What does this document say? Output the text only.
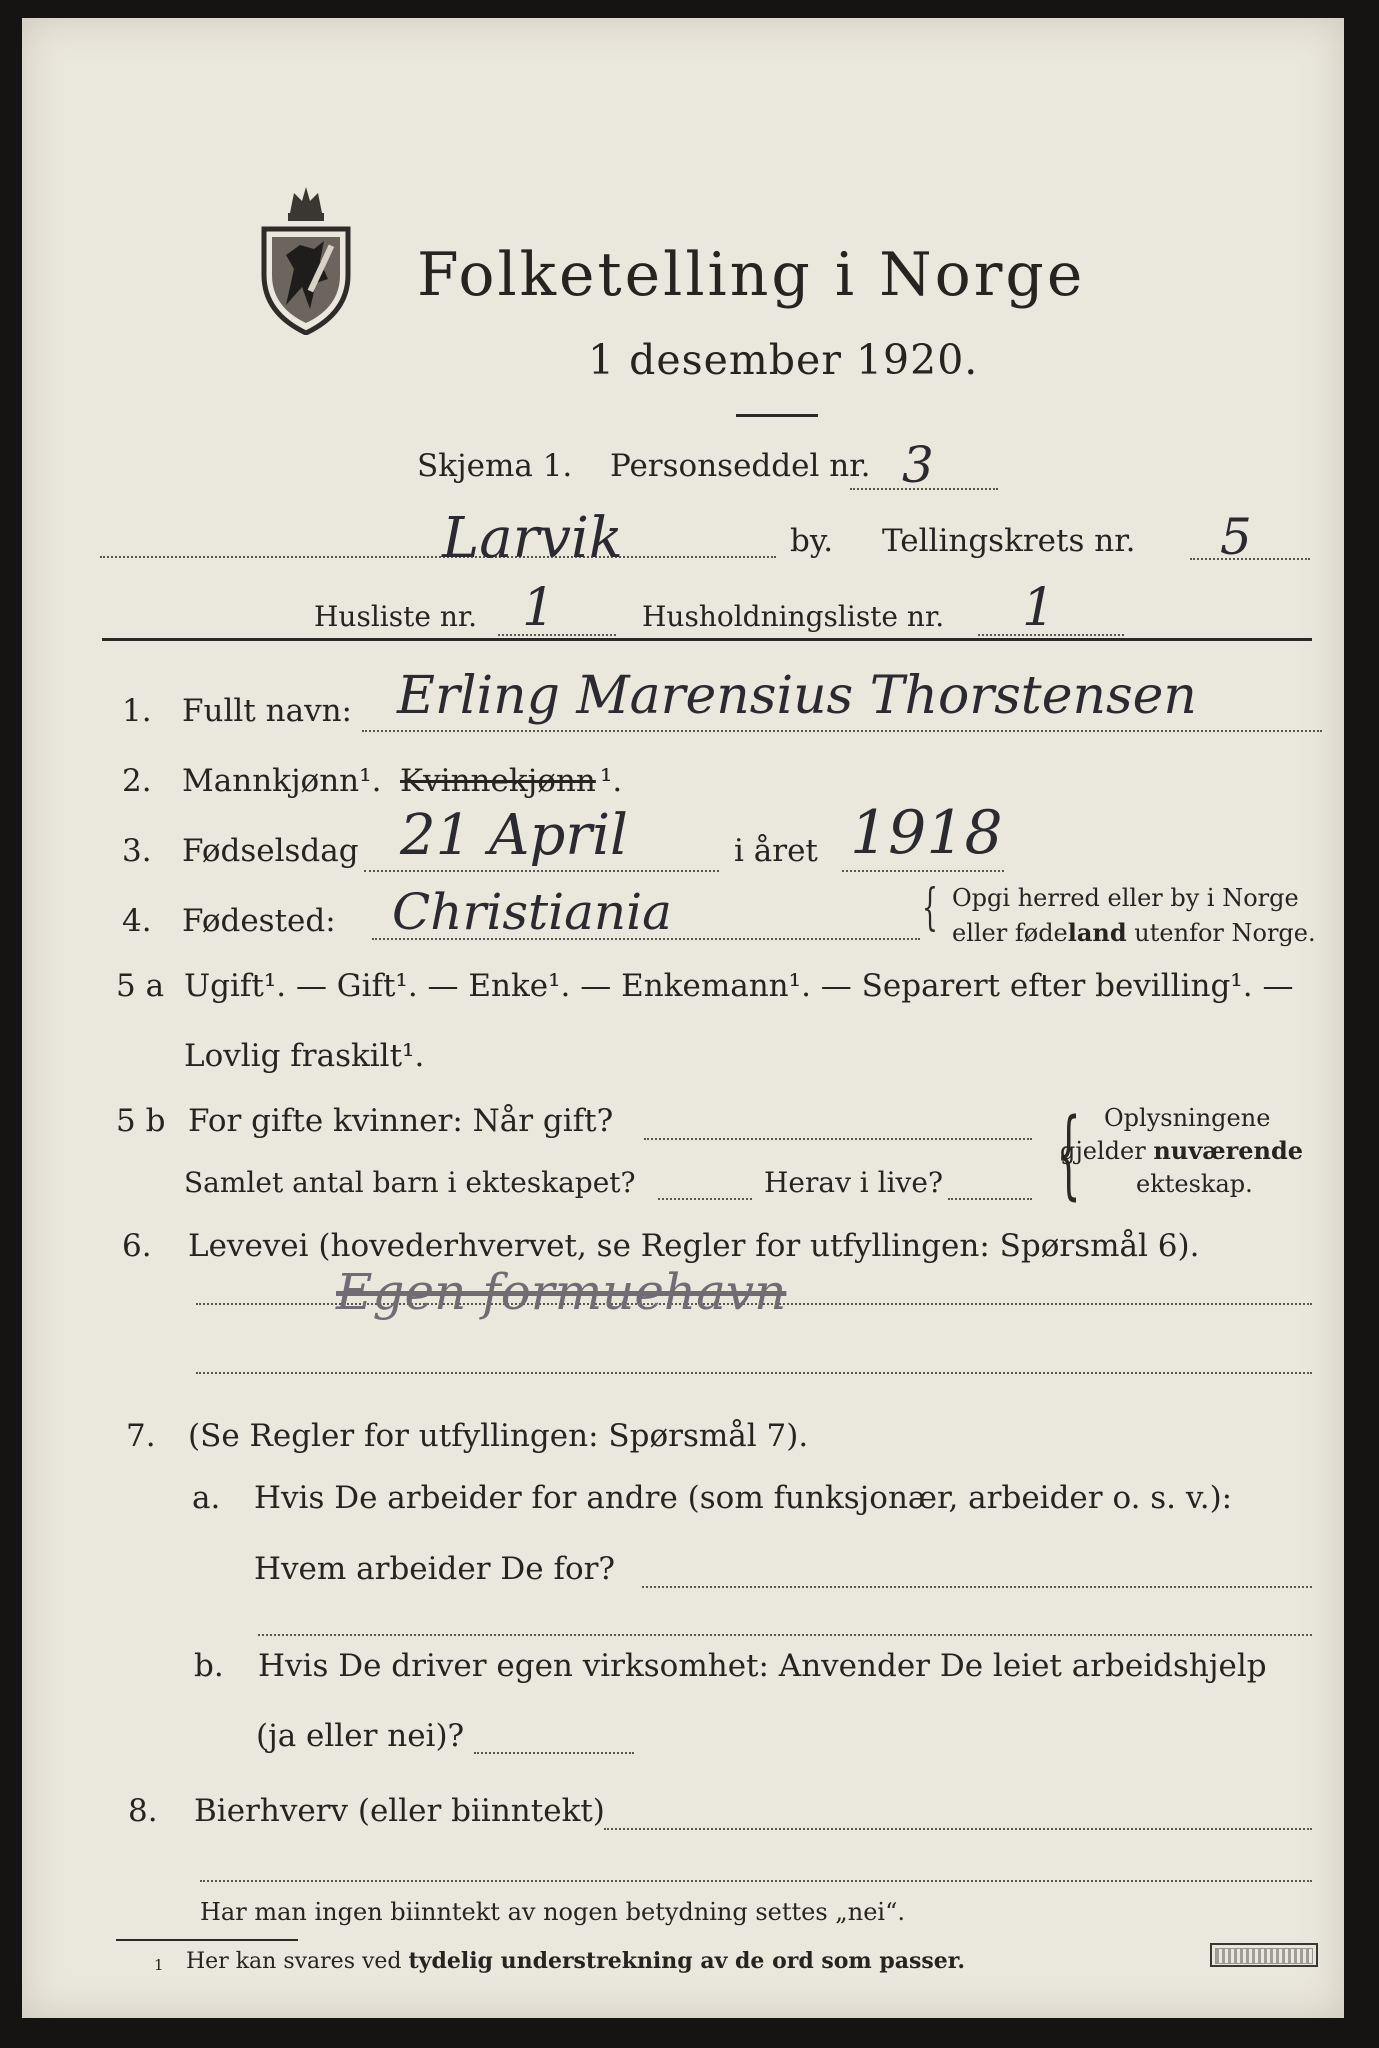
Folketelling i Norge
1 desember 1920.
Skjema 1. Personseddel nr. 3
Larvik	by. Tellingskrets nr. 5
Husliste nr. 1	Husholdningsliste nr. 1
1. Fullt navn: Erling Marensius Thorstensen
2. Mannkjønn¹. Kvinnekjønn ¹.
3. Fødselsdag 21 April	i året 1918
4. Fødested: Christiania	{ Opgi herred eller by i Norge
eller fødeland utenfor Norge.
5 a Ugift¹. — Gift¹. — Enke¹. — Enkemann¹. — Separert efter bevilling¹. —
Lovlig fraskilt¹.
5 b For gifte kvinner: Når gift?
Samlet antal barn i ekteskapet?	Herav i live? { Oplysningene
gjelder nuværende
ekteskap.
6. Levevei (hovederhvervet, se Regler for utfyllingen: Spørsmål 6).
Egen formuehavn
7. (Se Regler for utfyllingen: Spørsmål 7).
a. Hvis De arbeider for andre (som funksjonær, arbeider o. s. v.):
Hvem arbeider De for?
b. Hvis De driver egen virksomhet: Anvender De leiet arbeidshjelp
(ja eller nei)?
8. Bierhverv (eller biinntekt)
Har man ingen biinntekt av nogen betydning settes „nei“.
1 Her kan svares ved tydelig understrekning av de ord som passer.
